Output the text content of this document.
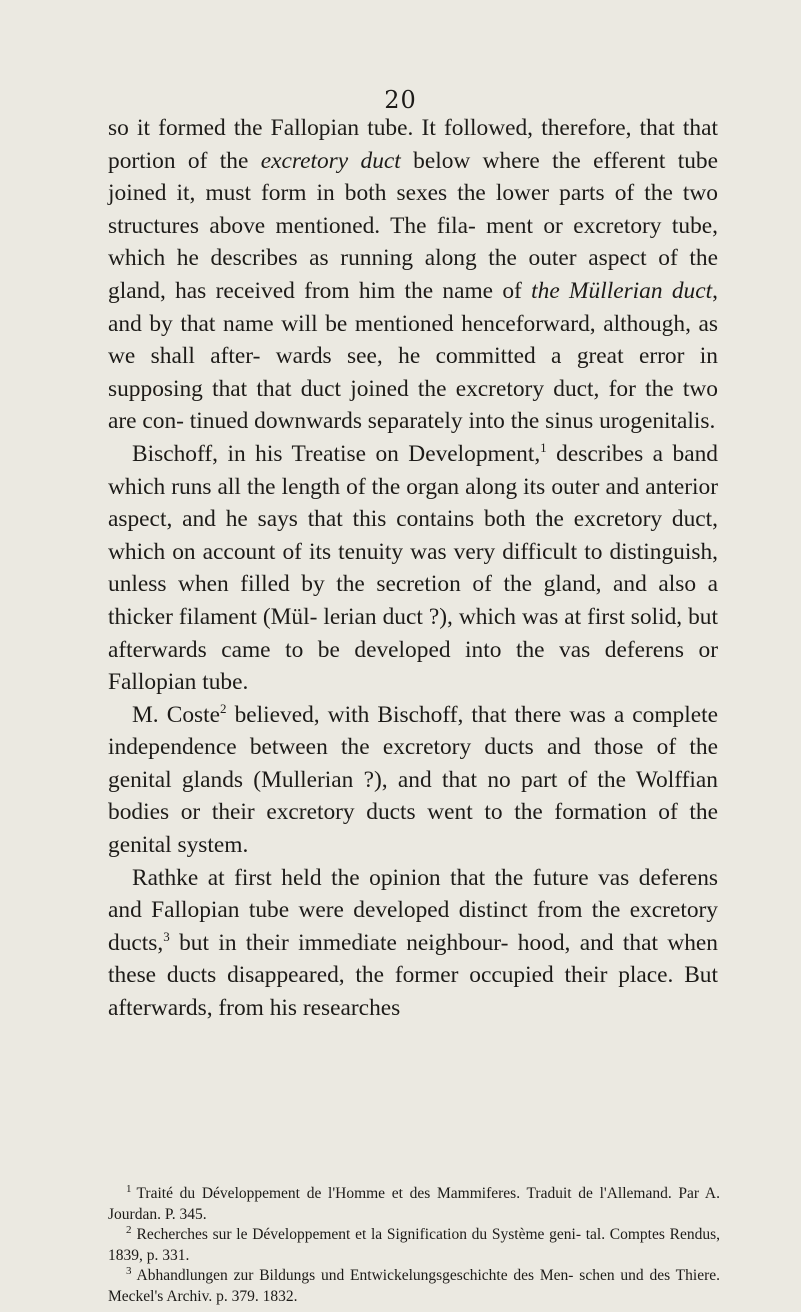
20

so it formed the Fallopian tube. It followed, therefore, that that portion of the excretory duct below where the efferent tube joined it, must form in both sexes the lower parts of the two structures above mentioned. The fila- ment or excretory tube, which he describes as running along the outer aspect of the gland, has received from him the name of the Müllerian duct, and by that name will be mentioned henceforward, although, as we shall after- wards see, he committed a great error in supposing that that duct joined the excretory duct, for the two are con- tinued downwards separately into the sinus urogenitalis.

Bischoff, in his Treatise on Development,$^1$ describes a band which runs all the length of the organ along its outer and anterior aspect, and he says that this contains both the excretory duct, which on account of its tenuity was very difficult to distinguish, unless when filled by the secretion of the gland, and also a thicker filament (Mül- lerian duct ?), which was at first solid, but afterwards came to be developed into the vas deferens or Fallopian tube.

M. Coste$^2$ believed, with Bischoff, that there was a complete independence between the excretory ducts and those of the genital glands (Mullerian ?), and that no part of the Wolffian bodies or their excretory ducts went to the formation of the genital system.

Rathke at first held the opinion that the future vas deferens and Fallopian tube were developed distinct from the excretory ducts,$^3$ but in their immediate neighbour- hood, and that when these ducts disappeared, the former occupied their place. But afterwards, from his researches

$^1$ Traité du Développement de l'Homme et des Mammiferes. Traduit de l'Allemand. Par A. Jourdan. P. 345.

$^2$ Recherches sur le Développement et la Signification du Système geni- tal. Comptes Rendus, 1839, p. 331.

$^3$ Abhandlungen zur Bildungs und Entwickelungsgeschichte des Men- schen und des Thiere. Meckel's Archiv. p. 379. 1832.
